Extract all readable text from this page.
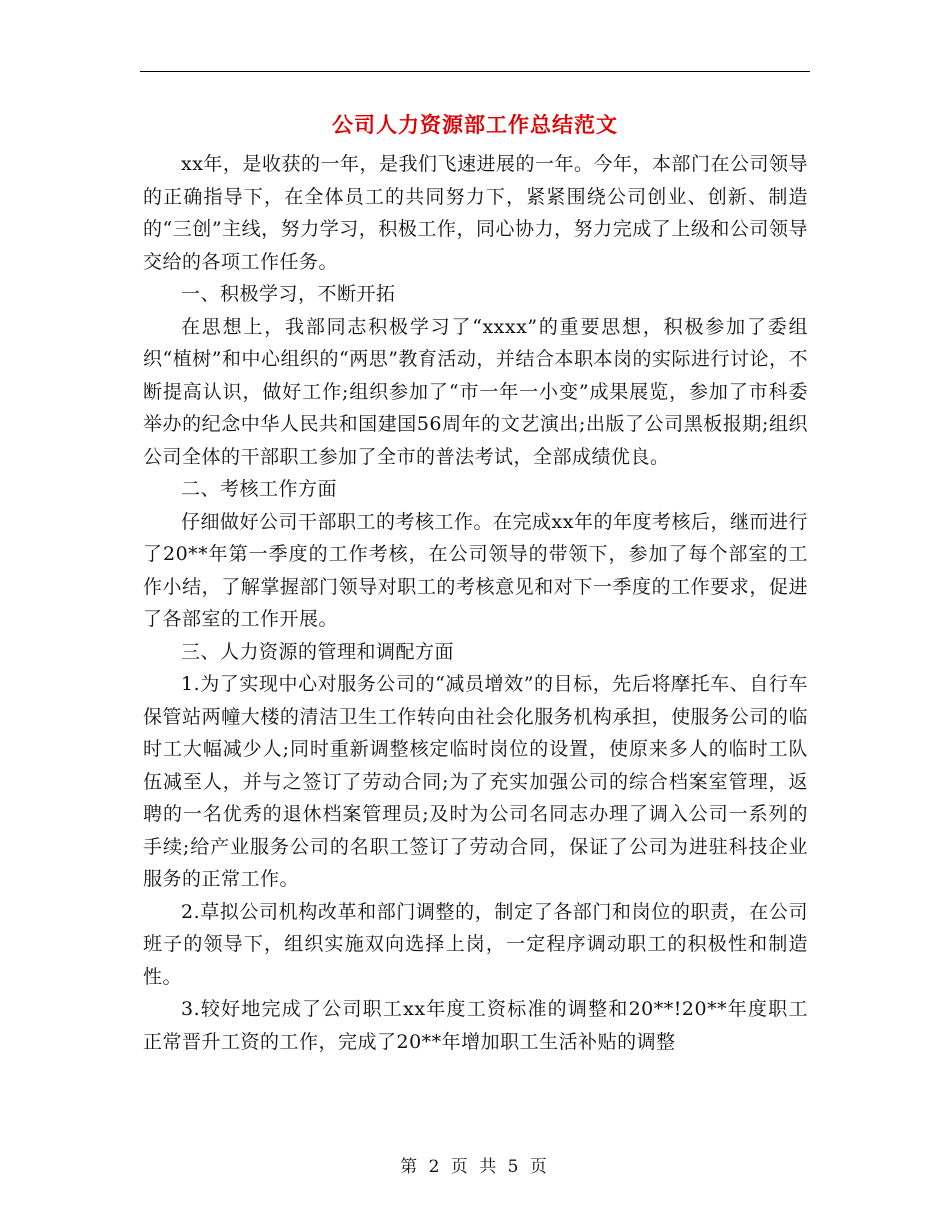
公司人力资源部工作总结范文

xx年，是收获的一年，是我们飞速进展的一年。今年，本部门在公司领导的正确指导下，在全体员工的共同努力下，紧紧围绕公司创业、创新、制造的“三创”主线，努力学习，积极工作，同心协力，努力完成了上级和公司领导交给的各项工作任务。

一、积极学习，不断开拓

在思想上，我部同志积极学习了“xxxx”的重要思想，积极参加了委组织“植树”和中心组织的“两思”教育活动，并结合本职本岗的实际进行讨论，不断提高认识，做好工作;组织参加了“市一年一小变”成果展览，参加了市科委举办的纪念中华人民共和国建国56周年的文艺演出;出版了公司黑板报期;组织公司全体的干部职工参加了全市的普法考试，全部成绩优良。

二、考核工作方面

仔细做好公司干部职工的考核工作。在完成xx年的年度考核后，继而进行了20**年第一季度的工作考核，在公司领导的带领下，参加了每个部室的工作小结，了解掌握部门领导对职工的考核意见和对下一季度的工作要求，促进了各部室的工作开展。

三、人力资源的管理和调配方面

1.为了实现中心对服务公司的“减员增效”的目标，先后将摩托车、自行车保管站两幢大楼的清洁卫生工作转向由社会化服务机构承担，使服务公司的临时工大幅减少人;同时重新调整核定临时岗位的设置，使原来多人的临时工队伍减至人，并与之签订了劳动合同;为了充实加强公司的综合档案室管理，返聘的一名优秀的退休档案管理员;及时为公司名同志办理了调入公司一系列的手续;给产业服务公司的名职工签订了劳动合同，保证了公司为进驻科技企业服务的正常工作。

2.草拟公司机构改革和部门调整的，制定了各部门和岗位的职责，在公司班子的领导下，组织实施双向选择上岗，一定程序调动职工的积极性和制造性。

3.较好地完成了公司职工xx年度工资标准的调整和20**!20**年度职工正常晋升工资的工作，完成了20**年增加职工生活补贴的调整

第 2 页 共 5 页
